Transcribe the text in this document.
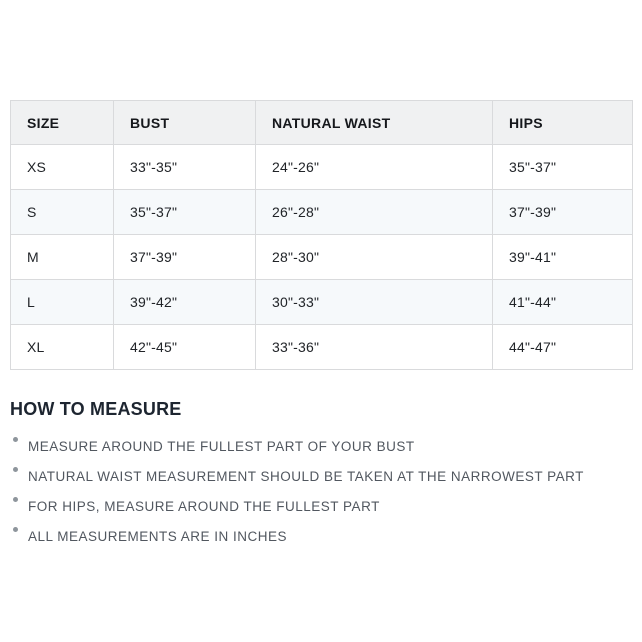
SIZE	BUST	NATURAL WAIST	HIPS
XS	33"-35"	24"-26"	35"-37"
S	35"-37"	26"-28"	37"-39"
M	37"-39"	28"-30"	39"-41"
L	39"-42"	30"-33"	41"-44"
XL	42"-45"	33"-36"	44"-47"
HOW TO MEASURE
MEASURE AROUND THE FULLEST PART OF YOUR BUST
NATURAL WAIST MEASUREMENT SHOULD BE TAKEN AT THE NARROWEST PART
FOR HIPS, MEASURE AROUND THE FULLEST PART
ALL MEASUREMENTS ARE IN INCHES
